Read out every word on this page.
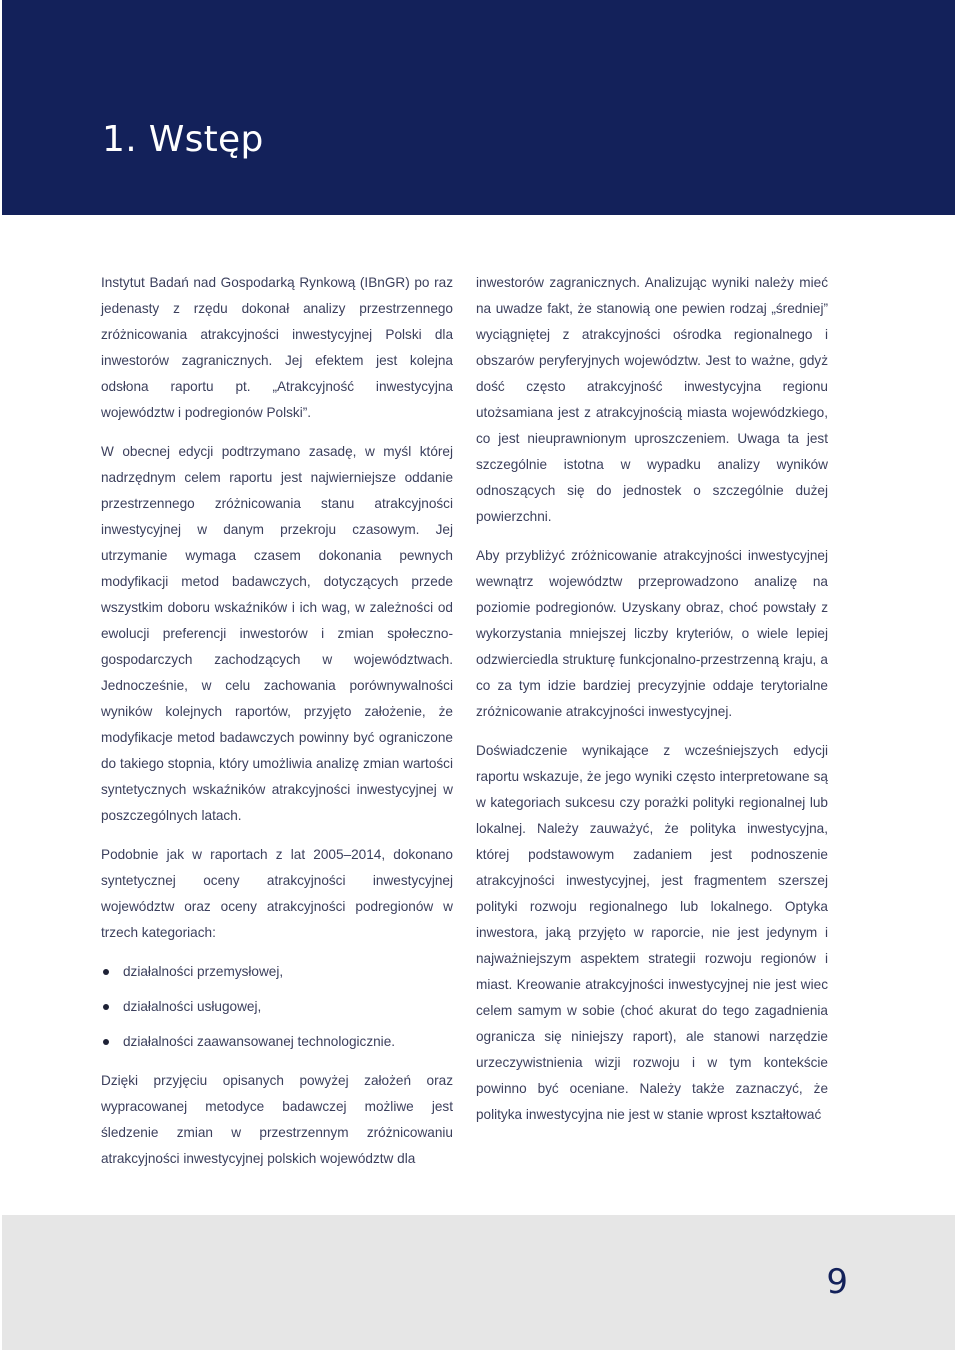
1. Wstęp

Instytut Badań nad Gospodarką Rynkową (IBnGR) po raz jedenasty z rzędu dokonał analizy przestrzennego zróżnicowania atrakcyjności inwestycyjnej Polski dla inwestorów zagranicznych. Jej efektem jest kolejna odsłona raportu pt. „Atrakcyjność inwestycyjna województw i podregionów Polski”.

W obecnej edycji podtrzymano zasadę, w myśl której nadrzędnym celem raportu jest najwierniejsze oddanie przestrzennego zróżnicowania stanu atrakcyjności inwestycyjnej w danym przekroju czasowym. Jej utrzymanie wymaga czasem dokonania pewnych modyfikacji metod badawczych, dotyczących przede wszystkim doboru wskaźników i ich wag, w zależności od ewolucji preferencji inwestorów i zmian społeczno-gospodarczych zachodzących w województwach. Jednocześnie, w celu zachowania porównywalności wyników kolejnych raportów, przyjęto założenie, że modyfikacje metod badawczych powinny być ograniczone do takiego stopnia, który umożliwia analizę zmian wartości syntetycznych wskaźników atrakcyjności inwestycyjnej w poszczególnych latach.

Podobnie jak w raportach z lat 2005–2014, dokonano syntetycznej oceny atrakcyjności inwestycyjnej województw oraz oceny atrakcyjności podregionów w trzech kategoriach:

działalności przemysłowej,
działalności usługowej,
działalności zaawansowanej technologicznie.

Dzięki przyjęciu opisanych powyżej założeń oraz wypracowanej metodyce badawczej możliwe jest śledzenie zmian w przestrzennym zróżnicowaniu atrakcyjności inwestycyjnej polskich województw dla

inwestorów zagranicznych. Analizując wyniki należy mieć na uwadze fakt, że stanowią one pewien rodzaj „średniej” wyciągniętej z atrakcyjności ośrodka regionalnego i obszarów peryferyjnych województw. Jest to ważne, gdyż dość często atrakcyjność inwestycyjna regionu utożsamiana jest z atrakcyjnością miasta wojewódzkiego, co jest nieuprawnionym uproszczeniem. Uwaga ta jest szczególnie istotna w wypadku analizy wyników odnoszących się do jednostek o szczególnie dużej powierzchni.

Aby przybliżyć zróżnicowanie atrakcyjności inwestycyjnej wewnątrz województw przeprowadzono analizę na poziomie podregionów. Uzyskany obraz, choć powstały z wykorzystania mniejszej liczby kryteriów, o wiele lepiej odzwierciedla strukturę funkcjonalno-przestrzenną kraju, a co za tym idzie bardziej precyzyjnie oddaje terytorialne zróżnicowanie atrakcyjności inwestycyjnej.

Doświadczenie wynikające z wcześniejszych edycji raportu wskazuje, że jego wyniki często interpretowane są w kategoriach sukcesu czy porażki polityki regionalnej lub lokalnej. Należy zauważyć, że polityka inwestycyjna, której podstawowym zadaniem jest podnoszenie atrakcyjności inwestycyjnej, jest fragmentem szerszej polityki rozwoju regionalnego lub lokalnego. Optyka inwestora, jaką przyjęto w raporcie, nie jest jedynym i najważniejszym aspektem strategii rozwoju regionów i miast. Kreowanie atrakcyjności inwestycyjnej nie jest wiec celem samym w sobie (choć akurat do tego zagadnienia ogranicza się niniejszy raport), ale stanowi narzędzie urzeczywistnienia wizji rozwoju i w tym kontekście powinno być oceniane. Należy także zaznaczyć, że polityka inwestycyjna nie jest w stanie wprost kształtować

9
